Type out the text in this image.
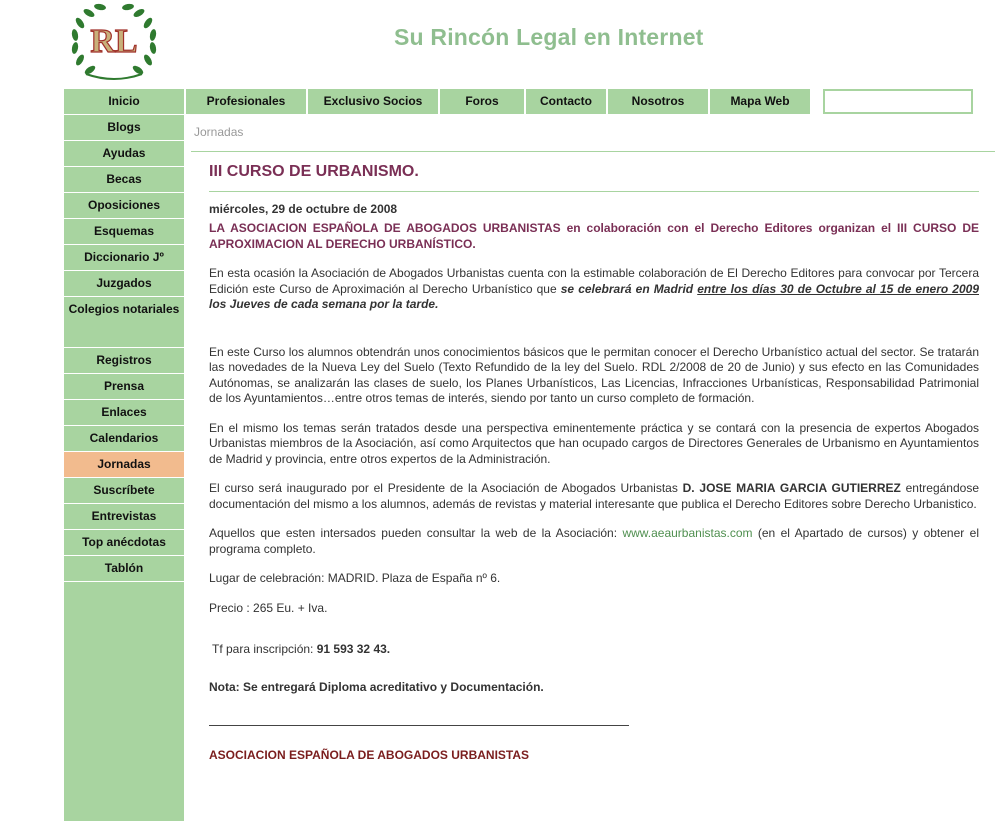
RL	Su Rincón Legal en Internet
Profesionales	Exclusivo Socios	Foros	Contacto	Nosotros	Mapa Web
Inicio
Blogs
Ayudas
Becas
Oposiciones
Esquemas
Diccionario Jº
Juzgados
Colegios notariales
Registros
Prensa
Enlaces
Calendarios
Jornadas
Suscríbete
Entrevistas
Top anécdotas
Tablón
Jornadas
III CURSO DE URBANISMO.
miércoles, 29 de octubre de 2008
LA ASOCIACION ESPAÑOLA DE ABOGADOS URBANISTAS en colaboración con el Derecho Editores organizan el III CURSO DE APROXIMACION AL DERECHO URBANÍSTICO.
En esta ocasión la Asociación de Abogados Urbanistas cuenta con la estimable colaboración de El Derecho Editores para convocar por Tercera Edición este Curso de Aproximación al Derecho Urbanístico que se celebrará en Madrid entre los días 30 de Octubre al 15 de enero 2009 los Jueves de cada semana por la tarde.
En este Curso los alumnos obtendrán unos conocimientos básicos que le permitan conocer el Derecho Urbanístico actual del sector. Se tratarán las novedades de la Nueva Ley del Suelo (Texto Refundido de la ley del Suelo. RDL 2/2008 de 20 de Junio) y sus efecto en las Comunidades Autónomas, se analizarán las clases de suelo, los Planes Urbanísticos, Las Licencias, Infracciones Urbanísticas, Responsabilidad Patrimonial de los Ayuntamientos…entre otros temas de interés, siendo por tanto un curso completo de formación.
En el mismo los temas serán tratados desde una perspectiva eminentemente práctica y se contará con la presencia de expertos Abogados Urbanistas miembros de la Asociación, así como Arquitectos que han ocupado cargos de Directores Generales de Urbanismo en Ayuntamientos de Madrid y provincia, entre otros expertos de la Administración.
El curso será inaugurado por el Presidente de la Asociación de Abogados Urbanistas D. JOSE MARIA GARCIA GUTIERREZ entregándose documentación del mismo a los alumnos, además de revistas y material interesante que publica el Derecho Editores sobre Derecho Urbanistico.
Aquellos que esten intersados pueden consultar la web de la Asociación: www.aeaurbanistas.com (en el Apartado de cursos) y obtener el programa completo.
Lugar de celebración: MADRID. Plaza de España nº 6.
Precio : 265 Eu. + Iva.
Tf para inscripción: 91 593 32 43.
Nota: Se entregará Diploma acreditativo y Documentación.
ASOCIACION ESPAÑOLA DE ABOGADOS URBANISTAS
